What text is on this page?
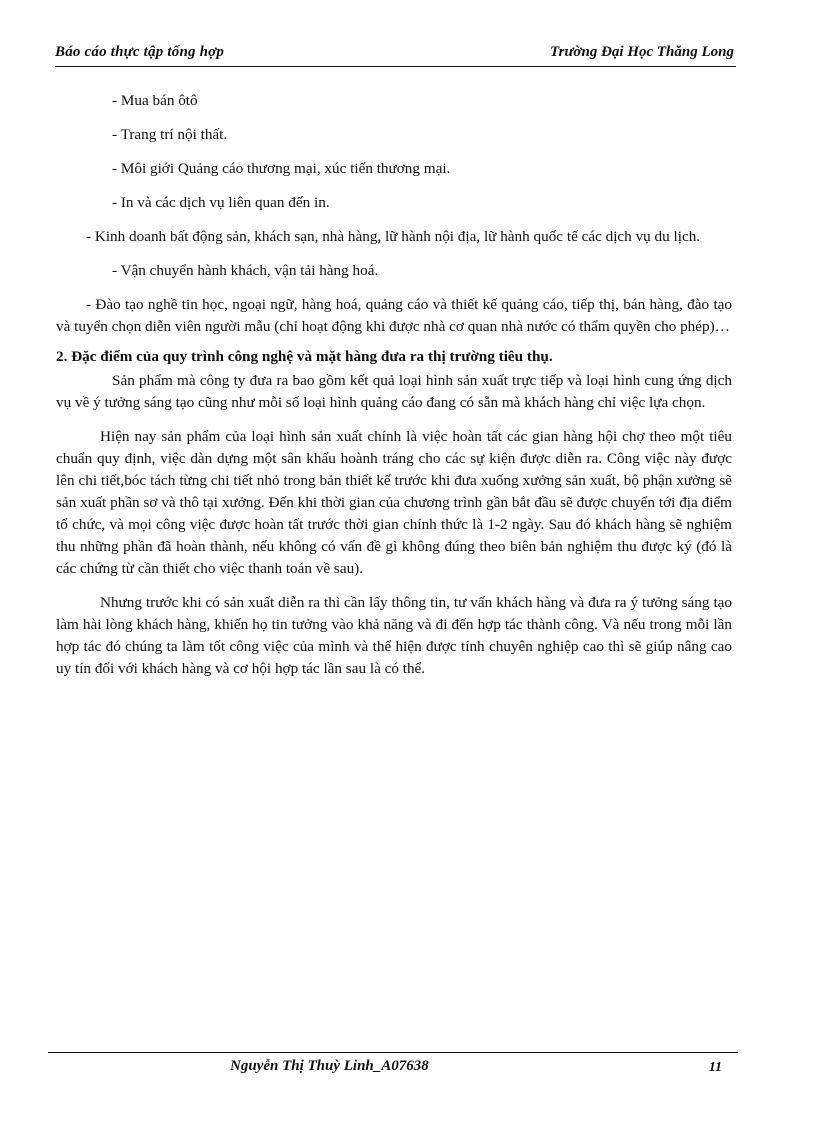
Báo cáo thực tập tổng hợp	Trường Đại Học Thăng Long

- Mua bán ôtô

- Trang trí nội thất.

- Môi giới Quảng cáo thương mại, xúc tiến thương mại.

- In và các dịch vụ liên quan đến in.

- Kinh doanh bất động sản, khách sạn, nhà hàng, lữ hành nội địa, lữ hành quốc tế các dịch vụ du lịch.

- Vận chuyển hành khách, vận tải hàng hoá.

- Đào tạo nghề tin học, ngoại ngữ, hàng hoá, quảng cáo và thiết kế quảng cáo, tiếp thị, bán hàng, đào tạo và tuyển chọn diễn viên người mẫu (chỉ hoạt động khi được nhà cơ quan nhà nước có thẩm quyền cho phép)…

2. Đặc điểm của quy trình công nghệ và mặt hàng đưa ra thị trường tiêu thụ.

Sản phẩm mà công ty đưa ra bao gồm kết quả loại hình sản xuất trực tiếp và loại hình cung ứng dịch vụ về ý tưởng sáng tạo cũng như mỗi số loại hình quảng cáo đang có sẵn mà khách hàng chỉ việc lựa chọn.

Hiện nay sản phẩm của loại hình sản xuất chính là việc hoàn tất các gian hàng hội chợ theo một tiêu chuẩn quy định, việc dàn dựng một sân khấu hoành tráng cho các sự kiện được diễn ra. Công việc này được lên chi tiết,bóc tách từng chi tiết nhỏ trong bản thiết kế trước khi đưa xuống xưởng sản xuất, bộ phận xưởng sẽ sản xuất phần sơ và thô tại xưởng. Đến khi thời gian của chương trình gần bắt đầu sẽ được chuyển tới địa điểm tổ chức, và mọi công việc được hoàn tất trước thời gian chính thức là 1-2 ngày. Sau đó khách hàng sẽ nghiệm thu những phần đã hoàn thành, nếu không có vấn đề gì không đúng theo biên bản nghiệm thu được ký (đó là các chứng từ cần thiết cho việc thanh toán về sau).

Nhưng trước khi có sản xuất diễn ra thì cần lấy thông tin, tư vấn khách hàng và đưa ra ý tưởng sáng tạo làm hài lòng khách hàng, khiến họ tin tưởng vào khả năng và đi đến hợp tác thành công. Và nếu trong mỗi lần hợp tác đó chúng ta làm tốt công việc của mình và thể hiện được tính chuyên nghiệp cao thì sẽ giúp nâng cao uy tín đối với khách hàng và cơ hội hợp tác lần sau là có thể.

Nguyễn Thị Thuỳ Linh_A07638	11
